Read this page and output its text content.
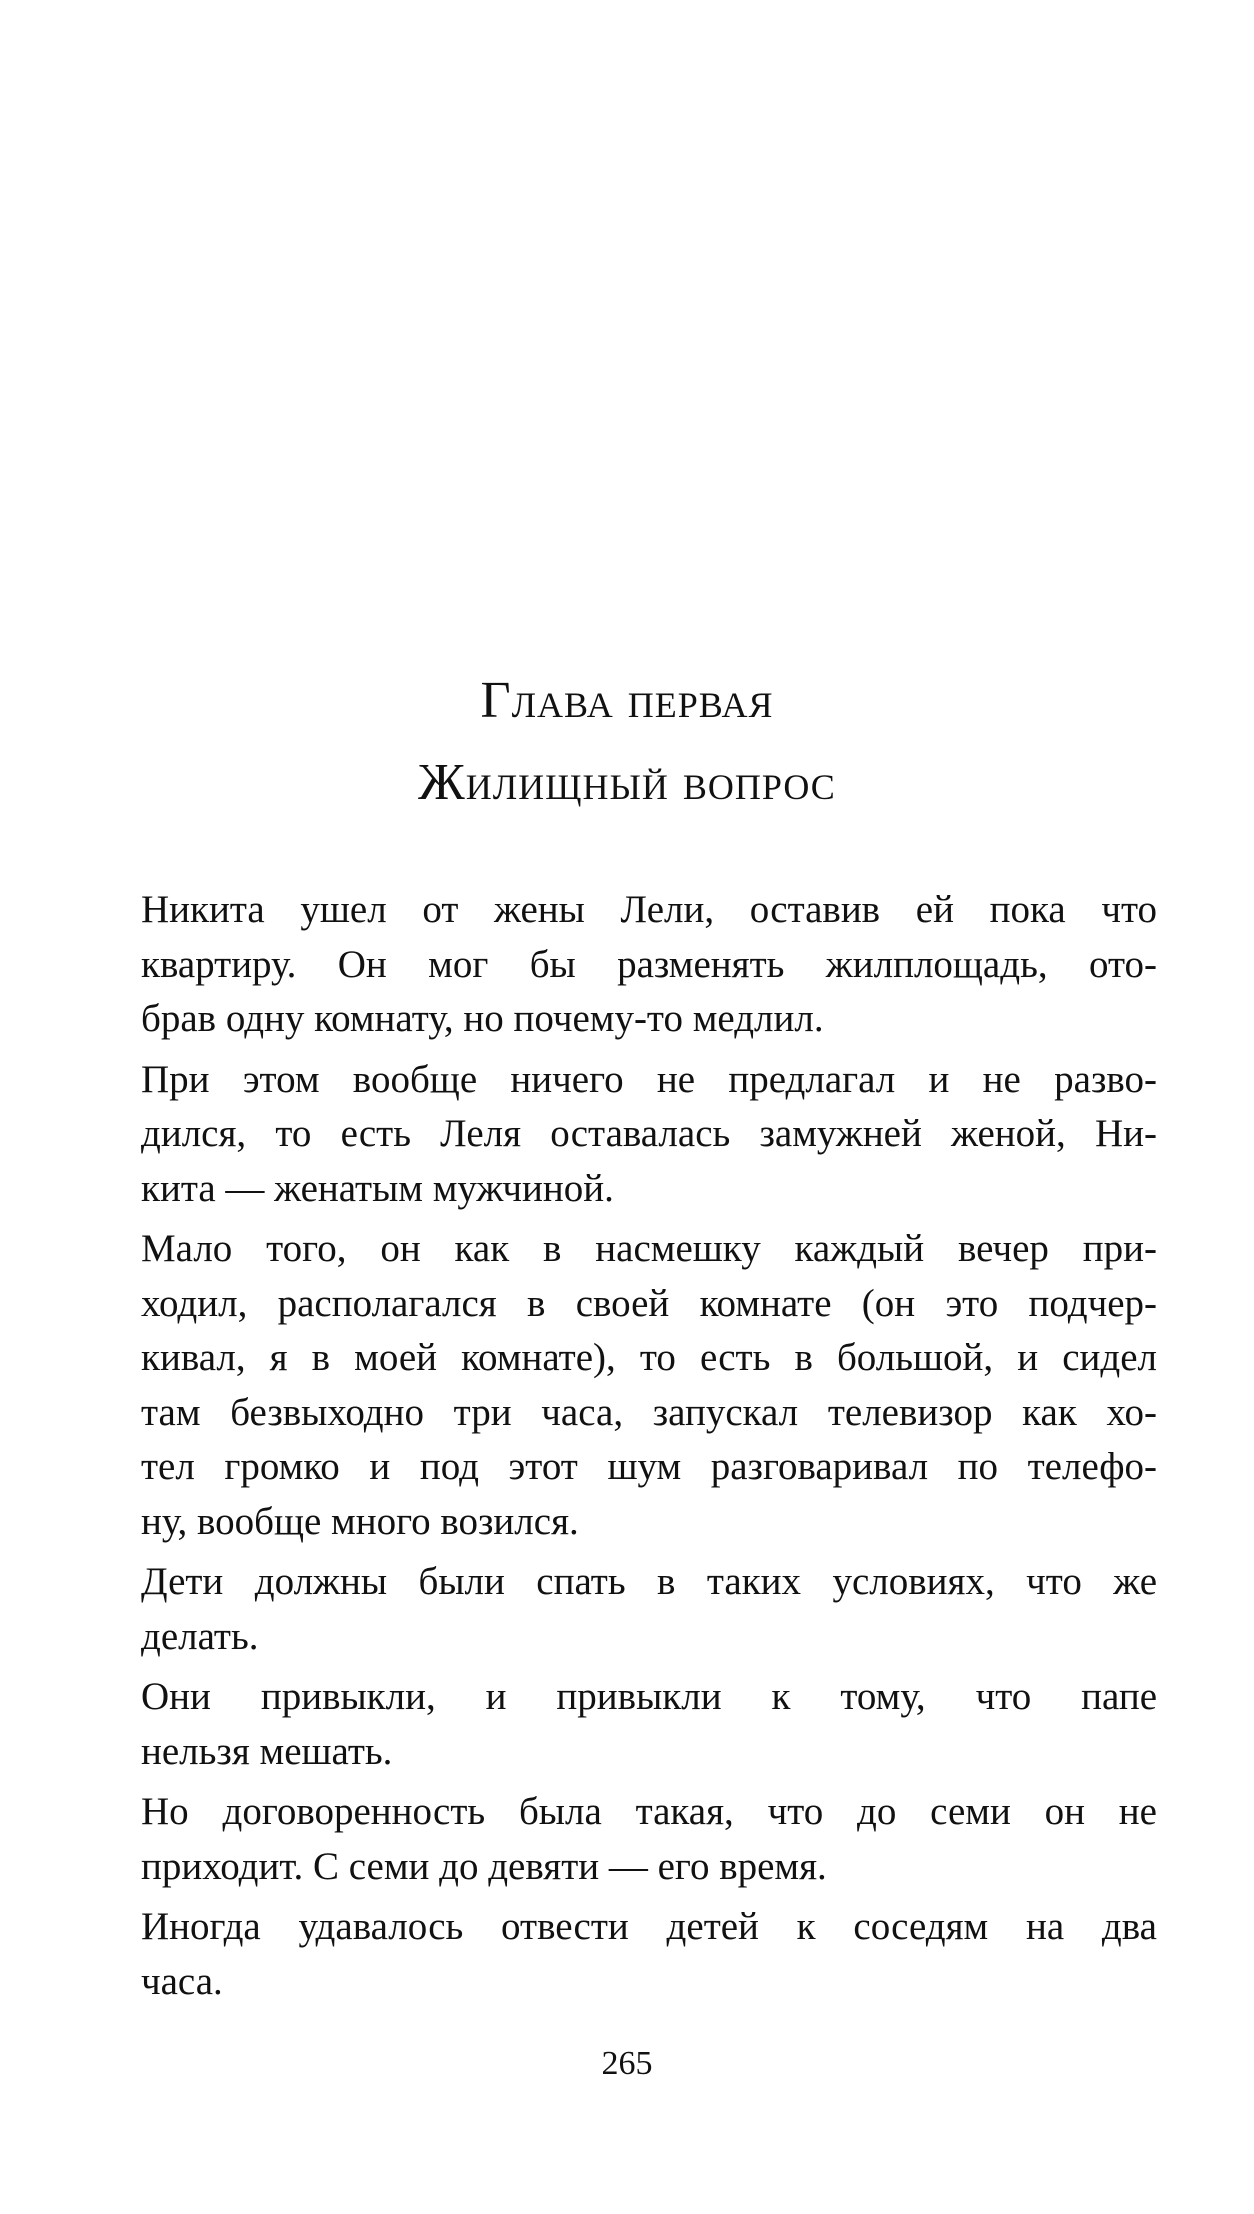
Глава первая
Жилищный вопрос

Никита ушел от жены Лели, оставив ей пока что
квартиру. Он мог бы разменять жилплощадь, ото-
брав одну комнату, но почему-то медлил.

При этом вообще ничего не предлагал и не разво-
дился, то есть Леля оставалась замужней женой, Ни-
кита — женатым мужчиной.

Мало того, он как в насмешку каждый вечер при-
ходил, располагался в своей комнате (он это подчер-
кивал, я в моей комнате), то есть в большой, и сидел
там безвыходно три часа, запускал телевизор как хо-
тел громко и под этот шум разговаривал по телефо-
ну, вообще много возился.

Дети должны были спать в таких условиях, что же
делать.

Они привыкли, и привыкли к тому, что папе
нельзя мешать.

Но договоренность была такая, что до семи он не
приходит. С семи до девяти — его время.

Иногда удавалось отвести детей к соседям на два
часа.

265
